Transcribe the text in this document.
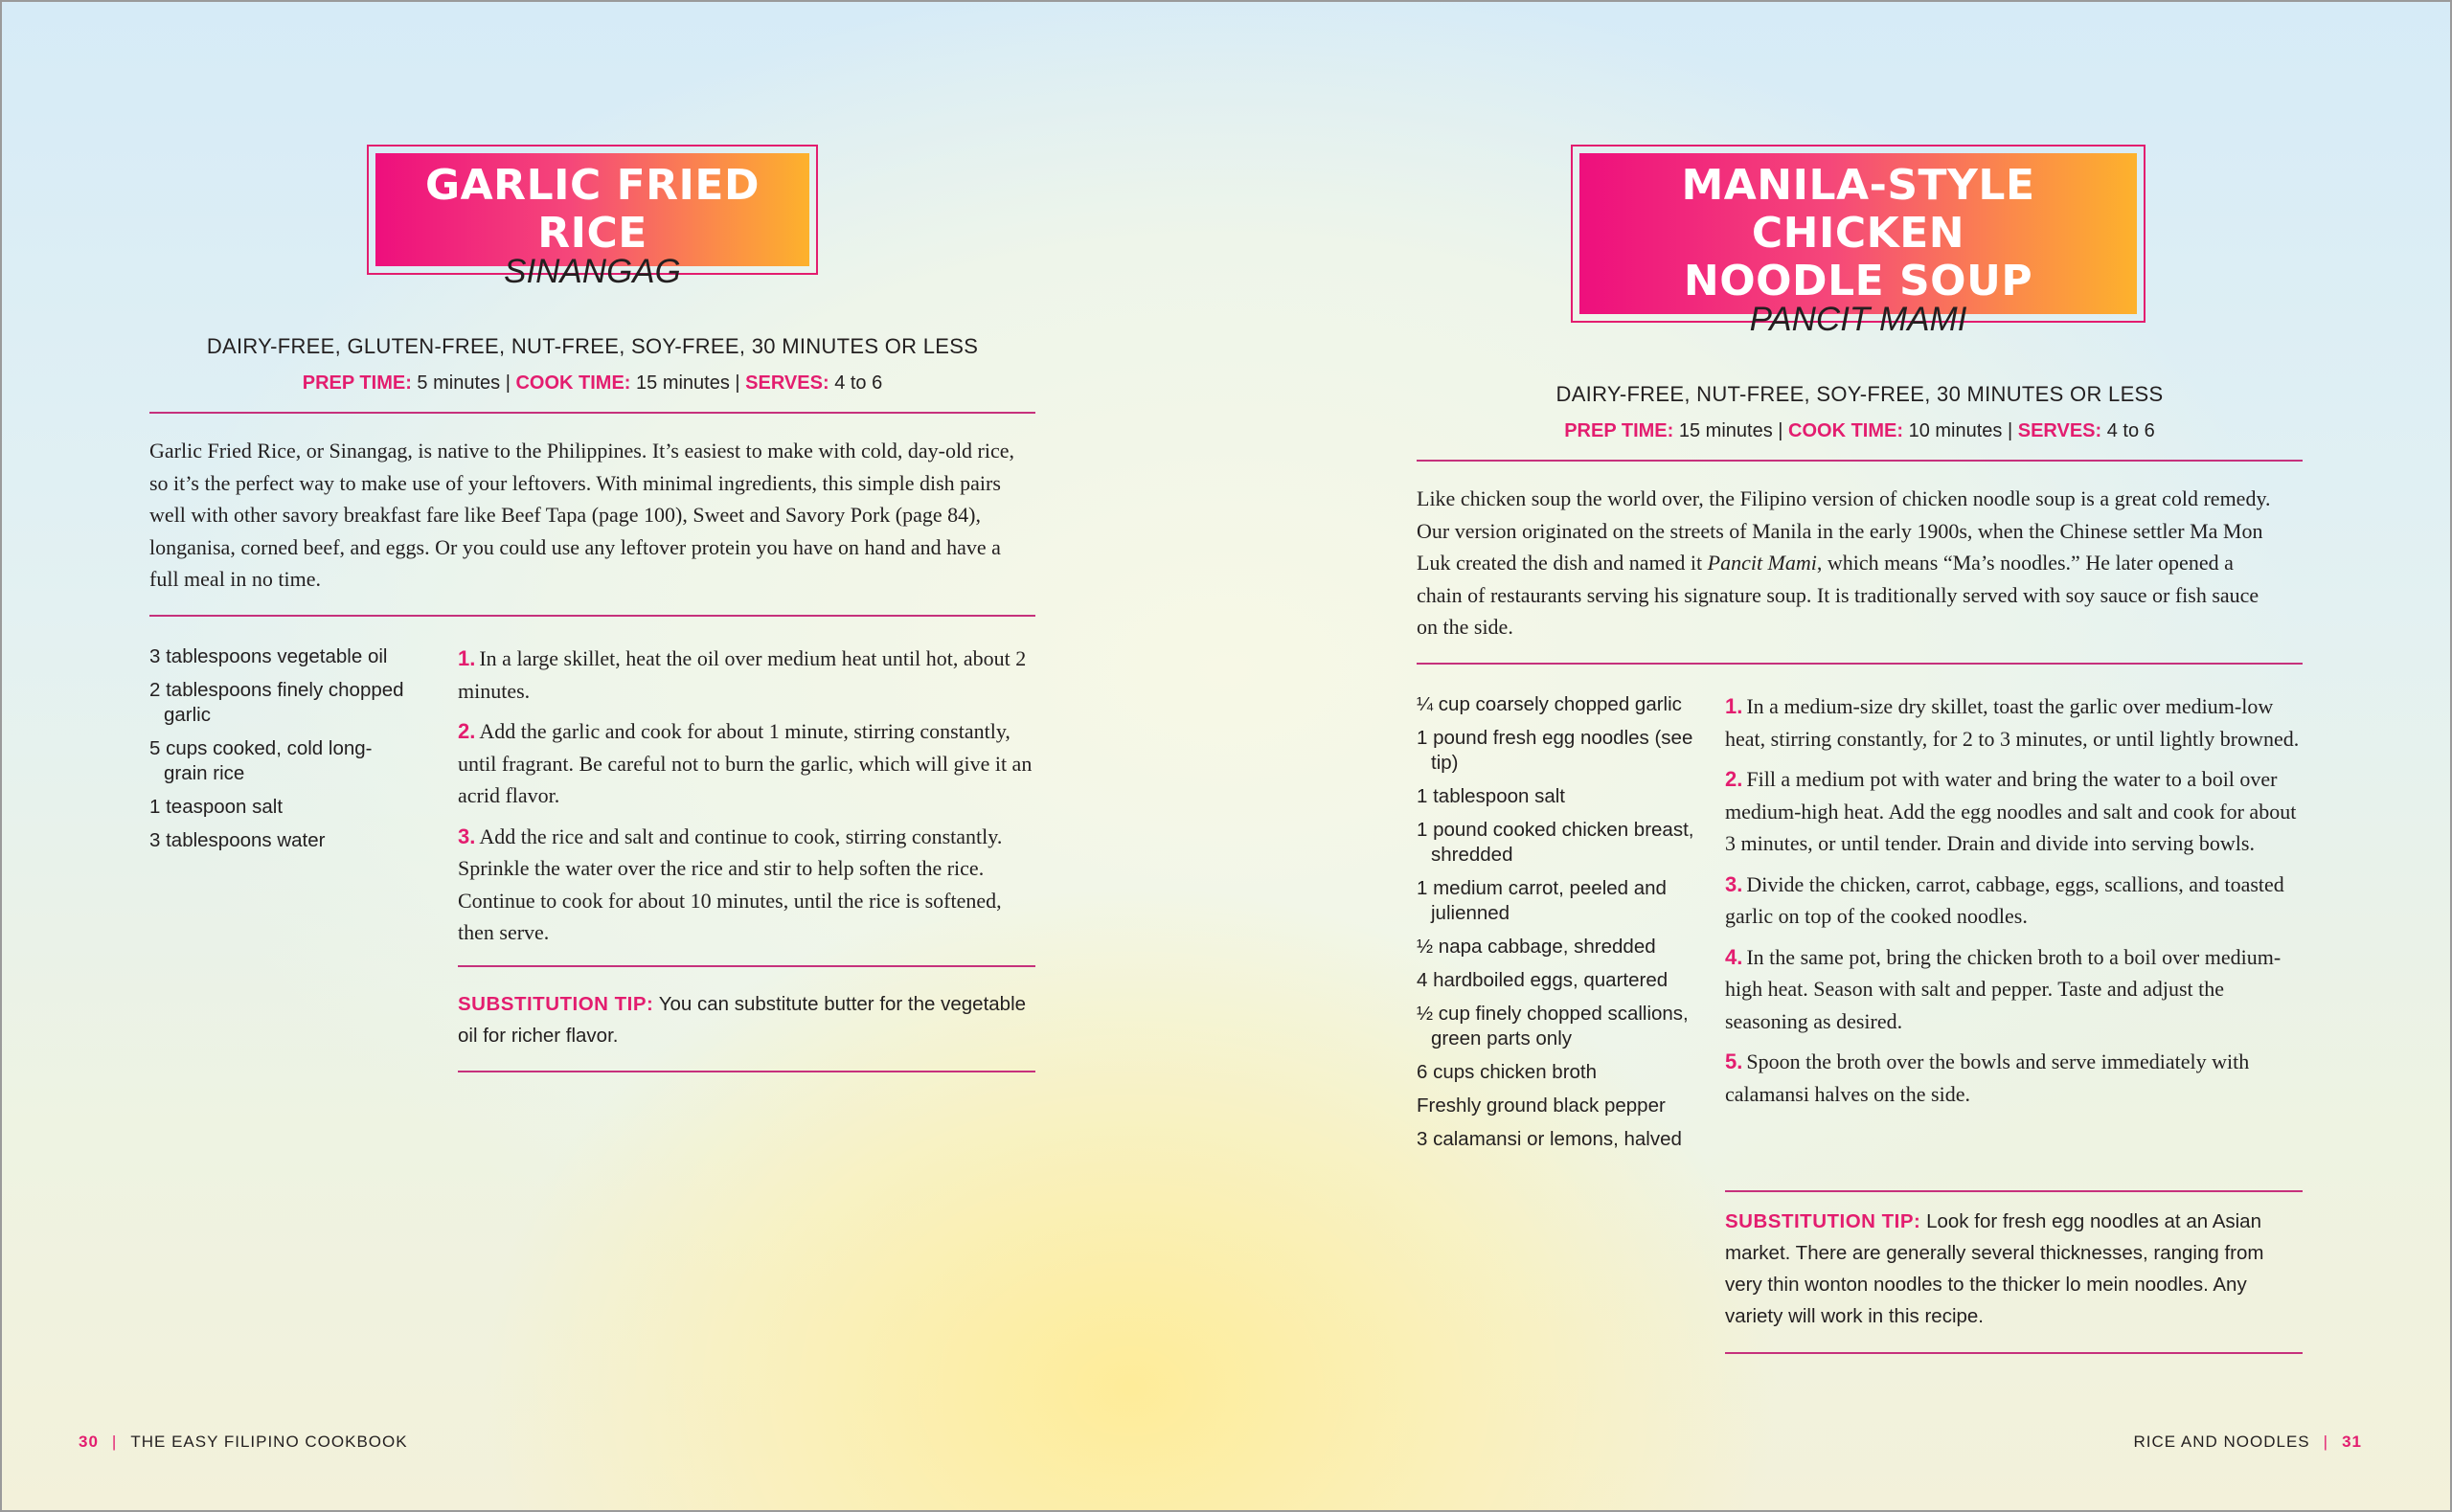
GARLIC FRIED RICE
SINANGAG
DAIRY-FREE, GLUTEN-FREE, NUT-FREE, SOY-FREE, 30 MINUTES OR LESS
PREP TIME: 5 minutes | COOK TIME: 15 minutes | SERVES: 4 to 6
Garlic Fried Rice, or Sinangag, is native to the Philippines. It’s easiest to make with cold, day-old rice, so it’s the perfect way to make use of your leftovers. With minimal ingredients, this simple dish pairs well with other savory breakfast fare like Beef Tapa (page 100), Sweet and Savory Pork (page 84), longanisa, corned beef, and eggs. Or you could use any leftover protein you have on hand and have a full meal in no time.
3 tablespoons vegetable oil
2 tablespoons finely chopped garlic
5 cups cooked, cold long-grain rice
1 teaspoon salt
3 tablespoons water
1. In a large skillet, heat the oil over medium heat until hot, about 2 minutes.
2. Add the garlic and cook for about 1 minute, stirring constantly, until fragrant. Be careful not to burn the garlic, which will give it an acrid flavor.
3. Add the rice and salt and continue to cook, stirring constantly. Sprinkle the water over the rice and stir to help soften the rice. Continue to cook for about 10 minutes, until the rice is softened, then serve.
SUBSTITUTION TIP: You can substitute butter for the vegetable oil for richer flavor.
MANILA-STYLE CHICKEN
NOODLE SOUP
PANCIT MAMI
DAIRY-FREE, NUT-FREE, SOY-FREE, 30 MINUTES OR LESS
PREP TIME: 15 minutes | COOK TIME: 10 minutes | SERVES: 4 to 6
Like chicken soup the world over, the Filipino version of chicken noodle soup is a great cold remedy. Our version originated on the streets of Manila in the early 1900s, when the Chinese settler Ma Mon Luk created the dish and named it Pancit Mami, which means “Ma’s noodles.” He later opened a chain of restaurants serving his signature soup. It is traditionally served with soy sauce or fish sauce on the side.
¼ cup coarsely chopped garlic
1 pound fresh egg noodles (see tip)
1 tablespoon salt
1 pound cooked chicken breast, shredded
1 medium carrot, peeled and julienned
½ napa cabbage, shredded
4 hardboiled eggs, quartered
½ cup finely chopped scallions, green parts only
6 cups chicken broth
Freshly ground black pepper
3 calamansi or lemons, halved
1. In a medium-size dry skillet, toast the garlic over medium-low heat, stirring constantly, for 2 to 3 minutes, or until lightly browned.
2. Fill a medium pot with water and bring the water to a boil over medium-high heat. Add the egg noodles and salt and cook for about 3 minutes, or until tender. Drain and divide into serving bowls.
3. Divide the chicken, carrot, cabbage, eggs, scallions, and toasted garlic on top of the cooked noodles.
4. In the same pot, bring the chicken broth to a boil over medium-high heat. Season with salt and pepper. Taste and adjust the seasoning as desired.
5. Spoon the broth over the bowls and serve immediately with calamansi halves on the side.
SUBSTITUTION TIP: Look for fresh egg noodles at an Asian market. There are generally several thicknesses, ranging from very thin wonton noodles to the thicker lo mein noodles. Any variety will work in this recipe.
30 | THE EASY FILIPINO COOKBOOK	RICE AND NOODLES | 31
